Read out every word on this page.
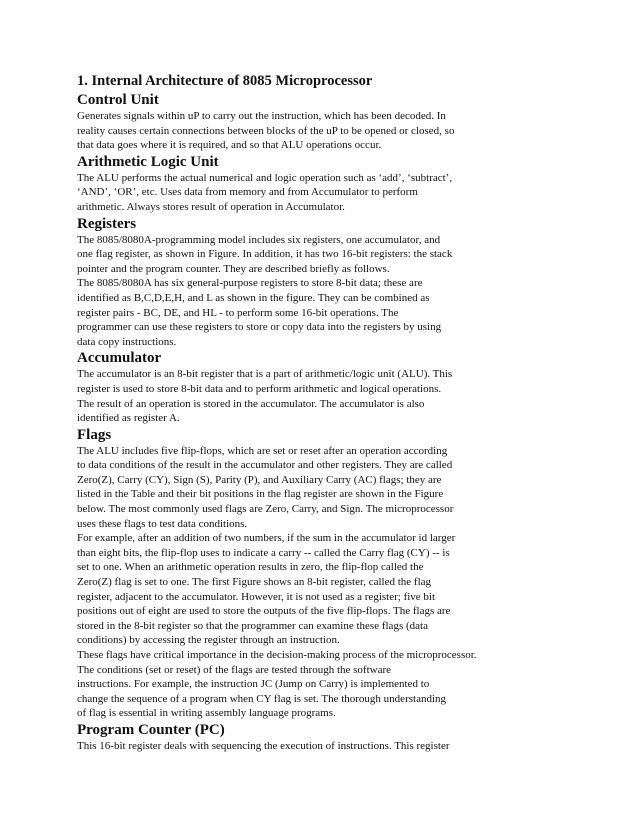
1. Internal Architecture of 8085 Microprocessor
Control Unit

Generates signals within uP to carry out the instruction, which has been decoded. In
reality causes certain connections between blocks of the uP to be opened or closed, so
that data goes where it is required, and so that ALU operations occur.

Arithmetic Logic Unit

The ALU performs the actual numerical and logic operation such as ‘add’, ‘subtract’,
‘AND’, ‘OR’, etc. Uses data from memory and from Accumulator to perform
arithmetic. Always stores result of operation in Accumulator.

Registers

The 8085/8080A-programming model includes six registers, one accumulator, and
one flag register, as shown in Figure. In addition, it has two 16-bit registers: the stack
pointer and the program counter. They are described briefly as follows.

The 8085/8080A has six general-purpose registers to store 8-bit data; these are
identified as B,C,D,E,H, and L as shown in the figure. They can be combined as
register pairs - BC, DE, and HL - to perform some 16-bit operations. The
programmer can use these registers to store or copy data into the registers by using
data copy instructions.

Accumulator

The accumulator is an 8-bit register that is a part of arithmetic/logic unit (ALU). This
register is used to store 8-bit data and to perform arithmetic and logical operations.
The result of an operation is stored in the accumulator. The accumulator is also
identified as register A.

Flags

The ALU includes five flip-flops, which are set or reset after an operation according
to data conditions of the result in the accumulator and other registers. They are called
Zero(Z), Carry (CY), Sign (S), Parity (P), and Auxiliary Carry (AC) flags; they are
listed in the Table and their bit positions in the flag register are shown in the Figure
below. The most commonly used flags are Zero, Carry, and Sign. The microprocessor
uses these flags to test data conditions.

For example, after an addition of two numbers, if the sum in the accumulator id larger
than eight bits, the flip-flop uses to indicate a carry -- called the Carry flag (CY) -- is
set to one. When an arithmetic operation results in zero, the flip-flop called the
Zero(Z) flag is set to one. The first Figure shows an 8-bit register, called the flag
register, adjacent to the accumulator. However, it is not used as a register; five bit
positions out of eight are used to store the outputs of the five flip-flops. The flags are
stored in the 8-bit register so that the programmer can examine these flags (data
conditions) by accessing the register through an instruction.

These flags have critical importance in the decision-making process of the microprocessor.
The conditions (set or reset) of the flags are tested through the software
instructions. For example, the instruction JC (Jump on Carry) is implemented to
change the sequence of a program when CY flag is set. The thorough understanding
of flag is essential in writing assembly language programs.

Program Counter (PC)

This 16-bit register deals with sequencing the execution of instructions. This register
